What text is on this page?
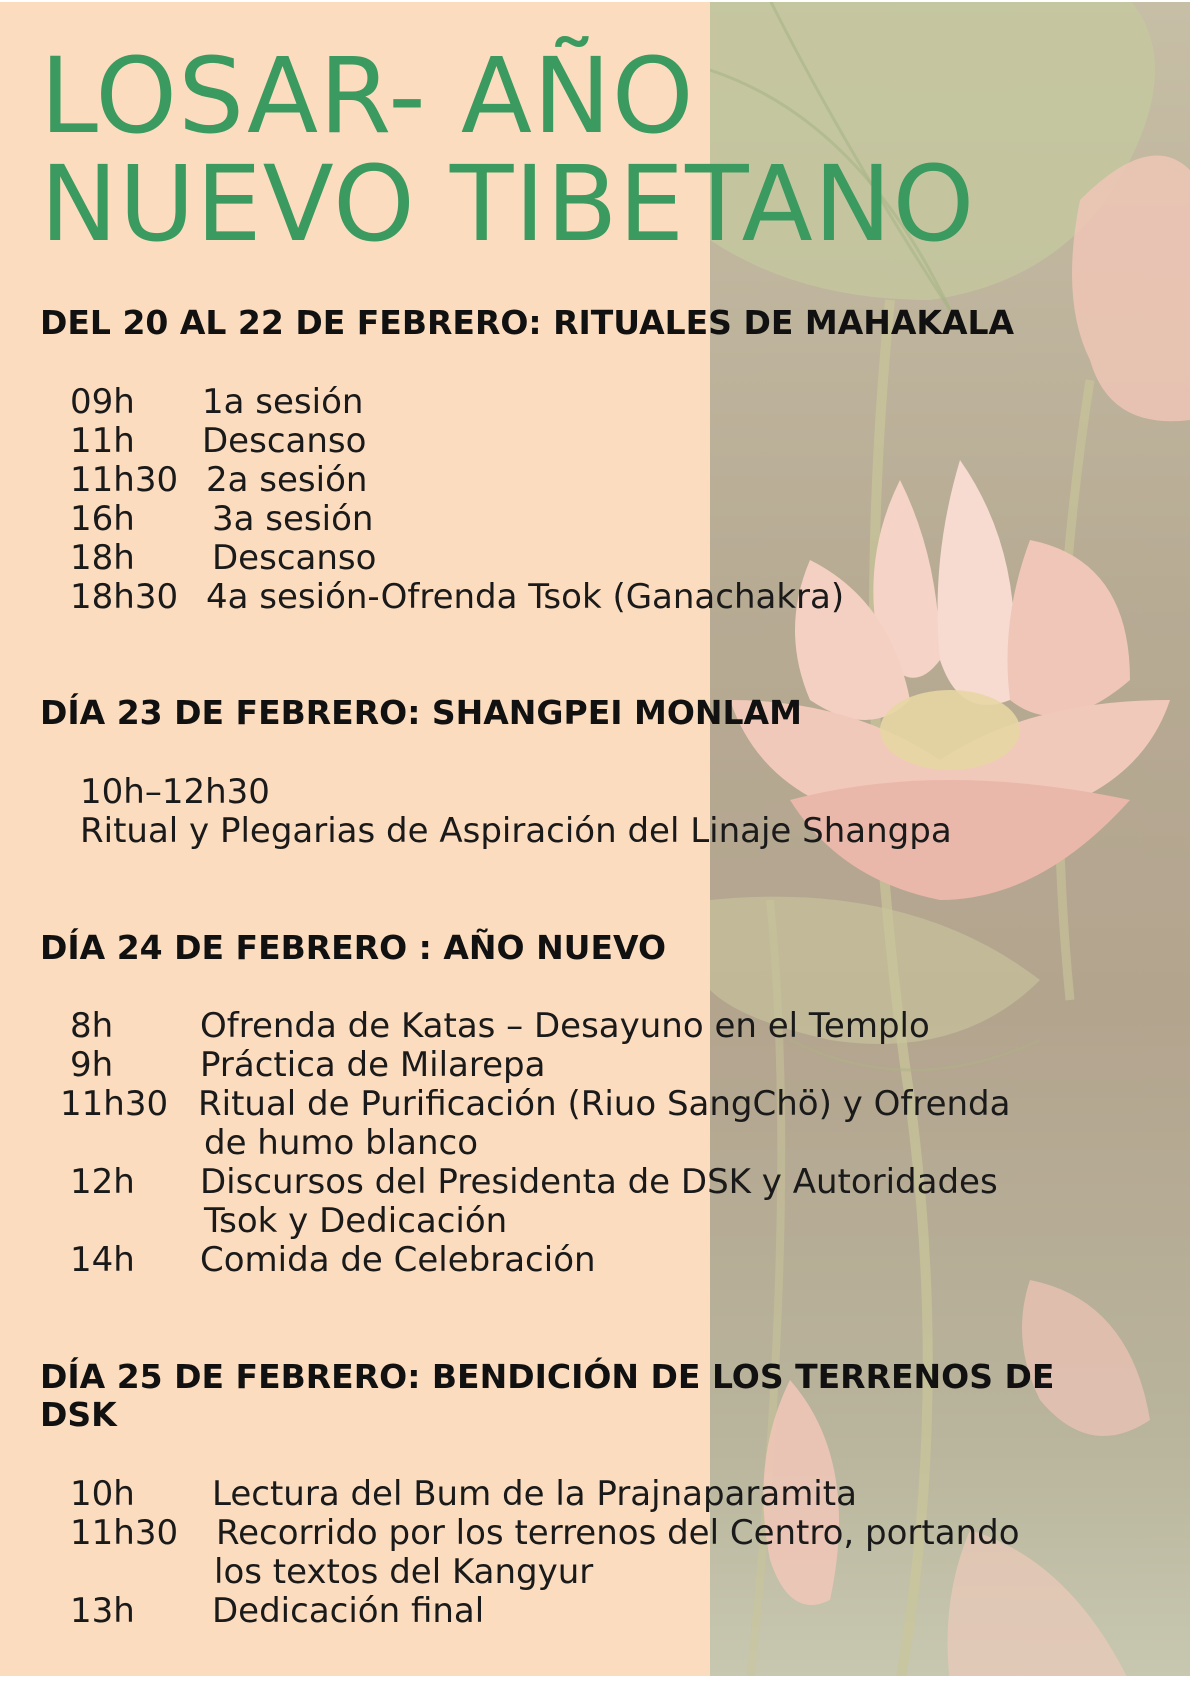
LOSAR- AÑO
NUEVO TIBETANO
DEL 20 AL 22 DE FEBRERO: RITUALES DE MAHAKALA
09h 1a sesión
11h Descanso
11h30 2a sesión
16h 3a sesión
18h Descanso
18h30 4a sesión-Ofrenda Tsok (Ganachakra)
DÍA 23 DE FEBRERO: SHANGPEI MONLAM
10h–12h30
Ritual y Plegarias de Aspiración del Linaje Shangpa
DÍA 24 DE FEBRERO : AÑO NUEVO
8h	Ofrenda de Katas – Desayuno en el Templo
9h	Práctica de Milarepa
11h30 Ritual de Purificación (Riuo SangChö) y Ofrenda
de humo blanco
12h Discursos del Presidenta de DSK y Autoridades
Tsok y Dedicación
14h Comida de Celebración
DÍA 25 DE FEBRERO: BENDICIÓN DE LOS TERRENOS DE
DSK
10h Lectura del Bum de la Prajnaparamita
11h30 Recorrido por los terrenos del Centro, portando
los textos del Kangyur
13h Dedicación final
